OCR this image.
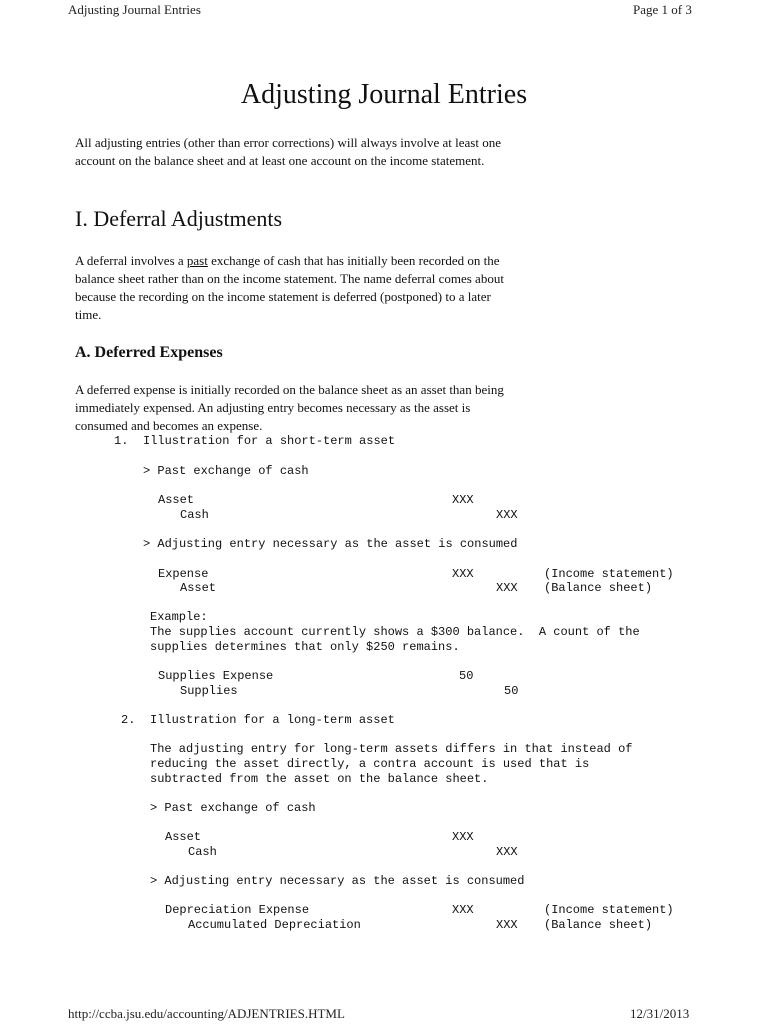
Adjusting Journal Entries	Page 1 of 3
Adjusting Journal Entries
All adjusting entries (other than error corrections) will always involve at least one account on the balance sheet and at least one account on the income statement.
I. Deferral Adjustments
A deferral involves a past exchange of cash that has initially been recorded on the balance sheet rather than on the income statement. The name deferral comes about because the recording on the income statement is deferred (postponed) to a later time.
A. Deferred Expenses
A deferred expense is initially recorded on the balance sheet as an asset than being immediately expensed. An adjusting entry becomes necessary as the asset is consumed and becomes an expense.
1. Illustration for a short-term asset
> Past exchange of cash
Asset	XXX
Cash	XXX
> Adjusting entry necessary as the asset is consumed
Expense	XXX	(Income statement)
Asset	XXX (Balance sheet)
Example:
The supplies account currently shows a $300 balance.  A count of the
supplies determines that only $250 remains.
Supplies Expense	50
Supplies	50
2. Illustration for a long-term asset
The adjusting entry for long-term assets differs in that instead of
reducing the asset directly, a contra account is used that is
subtracted from the asset on the balance sheet.
> Past exchange of cash
Asset	XXX
Cash	XXX
> Adjusting entry necessary as the asset is consumed
Depreciation Expense	XXX	(Income statement)
Accumulated Depreciation	XXX (Balance sheet)
http://ccba.jsu.edu/accounting/ADJENTRIES.HTML	12/31/2013
